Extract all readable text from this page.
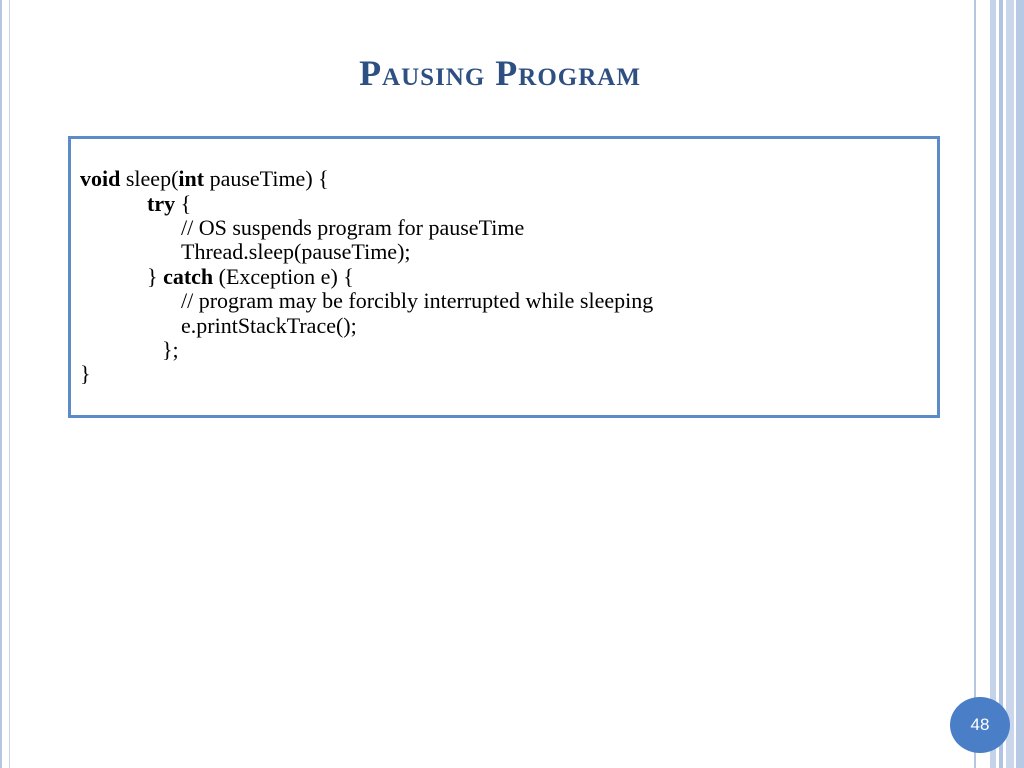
Pausing Program
void sleep(int pauseTime) {
try {
// OS suspends program for pauseTime
Thread.sleep(pauseTime);
} catch (Exception e) {
// program may be forcibly interrupted while sleeping
e.printStackTrace();
};
}
48
